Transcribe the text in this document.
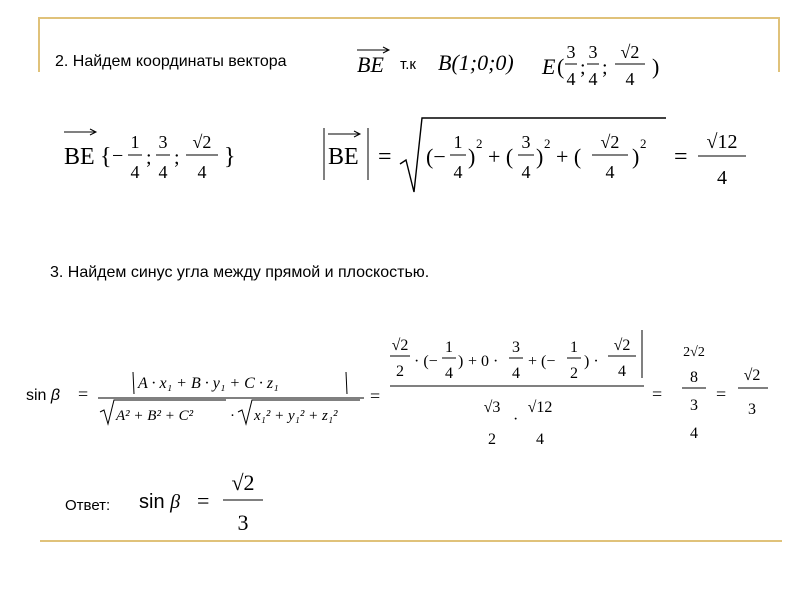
2. Найдем координаты вектора	BE т.к B(1;0;0) E (
3
4 ;
3
4 ;
√2
4 )
BE { −
1
4
;
3
4
;
√2
4
}	BE = (−
1
4
)
2
+ (
3
4
)
2
+ (
√2
4
)
2
=
√12
4
3. Найдем синус угла между прямой и плоскостью.
sin β =
A · x₁ + B · y₁ + C · z₁
A² + B² + C² · x₁² + y₁² + z₁²
=
√2
2
· (−
1
4
) + 0 ·
3
4
+ (−
1
2
) ·
√2
4
√3
2
·
√12
4
=
2√2
8
3
4
=
√2
3
Ответ: sin β =
√2
3
